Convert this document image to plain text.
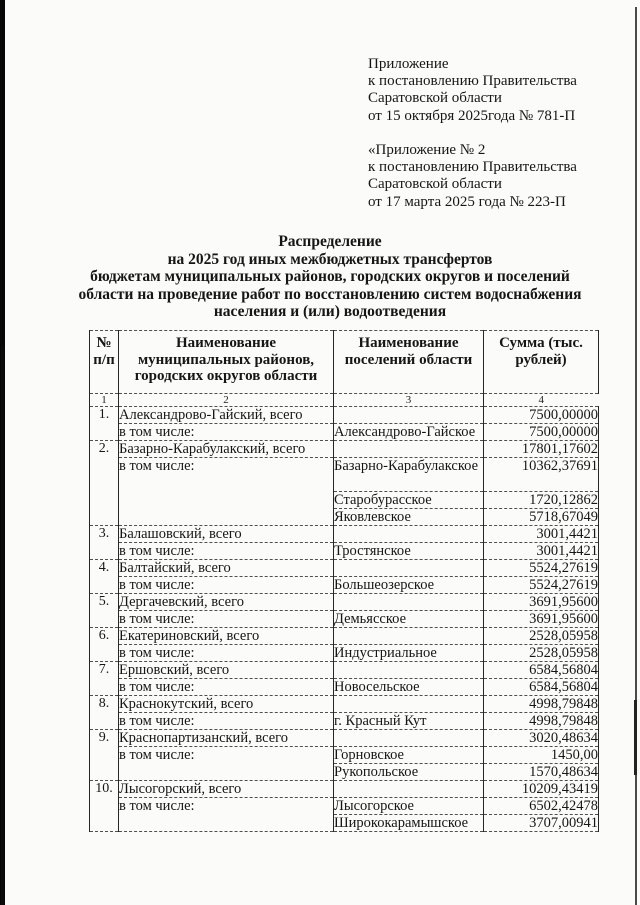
Приложение
к постановлению Правительства
Саратовской области
от 15 октября 2025года № 781-П
«Приложение № 2
к постановлению Правительства
Саратовской области
от 17 марта 2025 года № 223-П
Распределение
на 2025 год иных межбюджетных трансфертов
бюджетам муниципальных районов, городских округов и поселений
области на проведение работ по восстановлению систем водоснабжения
населения и (или) водоотведения
№ п/п	Наименование муниципальных районов, городских округов области	Наименование поселений области	Сумма (тыс. рублей)
1	2	3	4
1.	Александрово-Гайский, всего		7500,00000
	в том числе:	Александрово-Гайское	7500,00000
2.	Базарно-Карабулакский, всего		17801,17602
	в том числе:	Базарно-Карабулакское	10362,37691
		Старобурасское	1720,12862
		Яковлевское	5718,67049
3.	Балашовский, всего		3001,4421
	в том числе:	Тростянское	3001,4421
4.	Балтайский, всего		5524,27619
	в том числе:	Большеозерское	5524,27619
5.	Дергачевский, всего		3691,95600
	в том числе:	Демьясское	3691,95600
6.	Екатериновский, всего		2528,05958
	в том числе:	Индустриальное	2528,05958
7.	Ершовский, всего		6584,56804
	в том числе:	Новосельское	6584,56804
8.	Краснокутский, всего		4998,79848
	в том числе:	г. Красный Кут	4998,79848
9.	Краснопартизанский, всего		3020,48634
	в том числе:	Горновское	1450,00
		Рукопольское	1570,48634
10.	Лысогорский, всего		10209,43419
	в том числе:	Лысогорское	6502,42478
		Ширококарамышское	3707,00941
